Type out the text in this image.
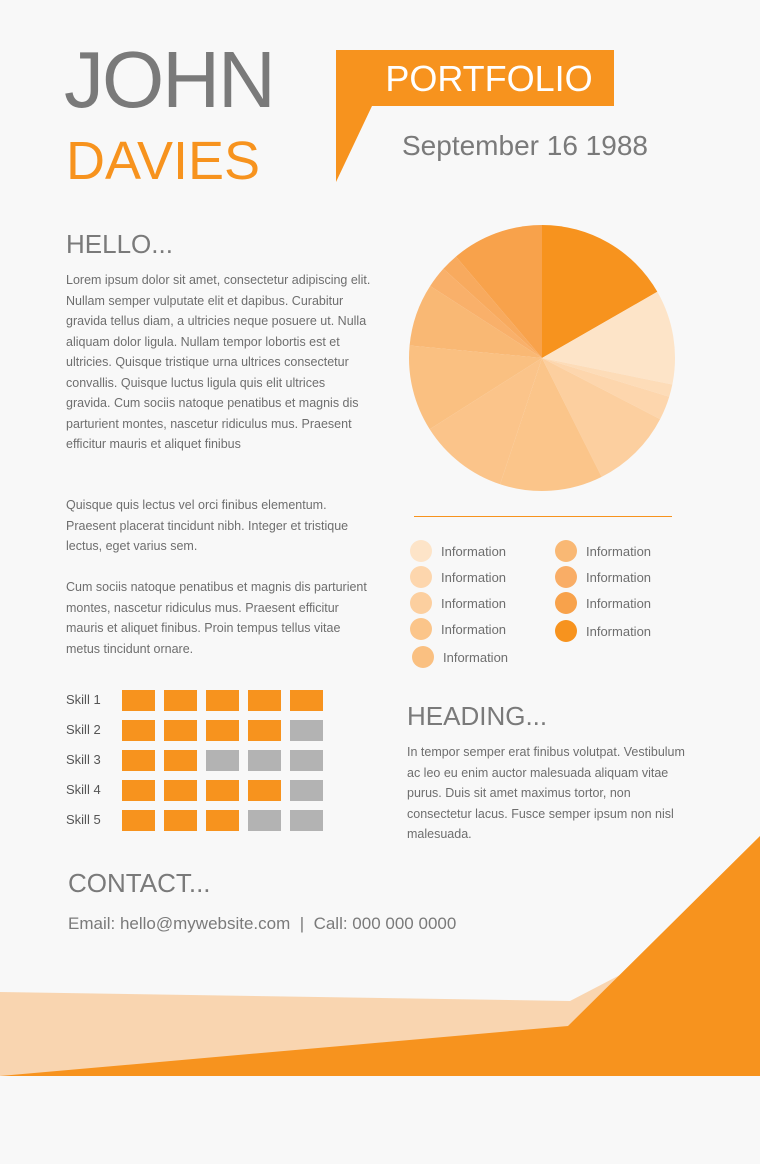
JOHN
DAVIES
PORTFOLIO
September 16 1988
HELLO...

Lorem ipsum dolor sit amet, consectetur adipiscing elit. Nullam semper vulputate elit et dapibus. Curabitur gravida tellus diam, a ultricies neque posuere ut. Nulla aliquam dolor ligula. Nullam tempor lobortis est et ultricies. Quisque tristique urna ultrices consectetur convallis. Quisque luctus ligula quis elit ultrices gravida. Cum sociis natoque penatibus et magnis dis parturient montes, nascetur ridiculus mus. Praesent efficitur mauris et aliquet finibus

Quisque quis lectus vel orci finibus elementum. Praesent placerat tincidunt nibh. Integer et tristique lectus, eget varius sem.

Cum sociis natoque penatibus et magnis dis parturient montes, nascetur ridiculus mus. Praesent efficitur mauris et aliquet finibus. Proin tempus tellus vitae metus tincidunt ornare.

Information
Information
Information
Information
Information
Information
Information
Information
Information
Skill 1
Skill 2
Skill 3
Skill 4
Skill 5
HEADING...

In tempor semper erat finibus volutpat. Vestibulum ac leo eu enim auctor malesuada aliquam vitae purus. Duis sit amet maximus tortor, non consectetur lacus. Fusce semper ipsum non nisl malesuada.

CONTACT...
Email: hello@mywebsite.com  |  Call: 000 000 0000
